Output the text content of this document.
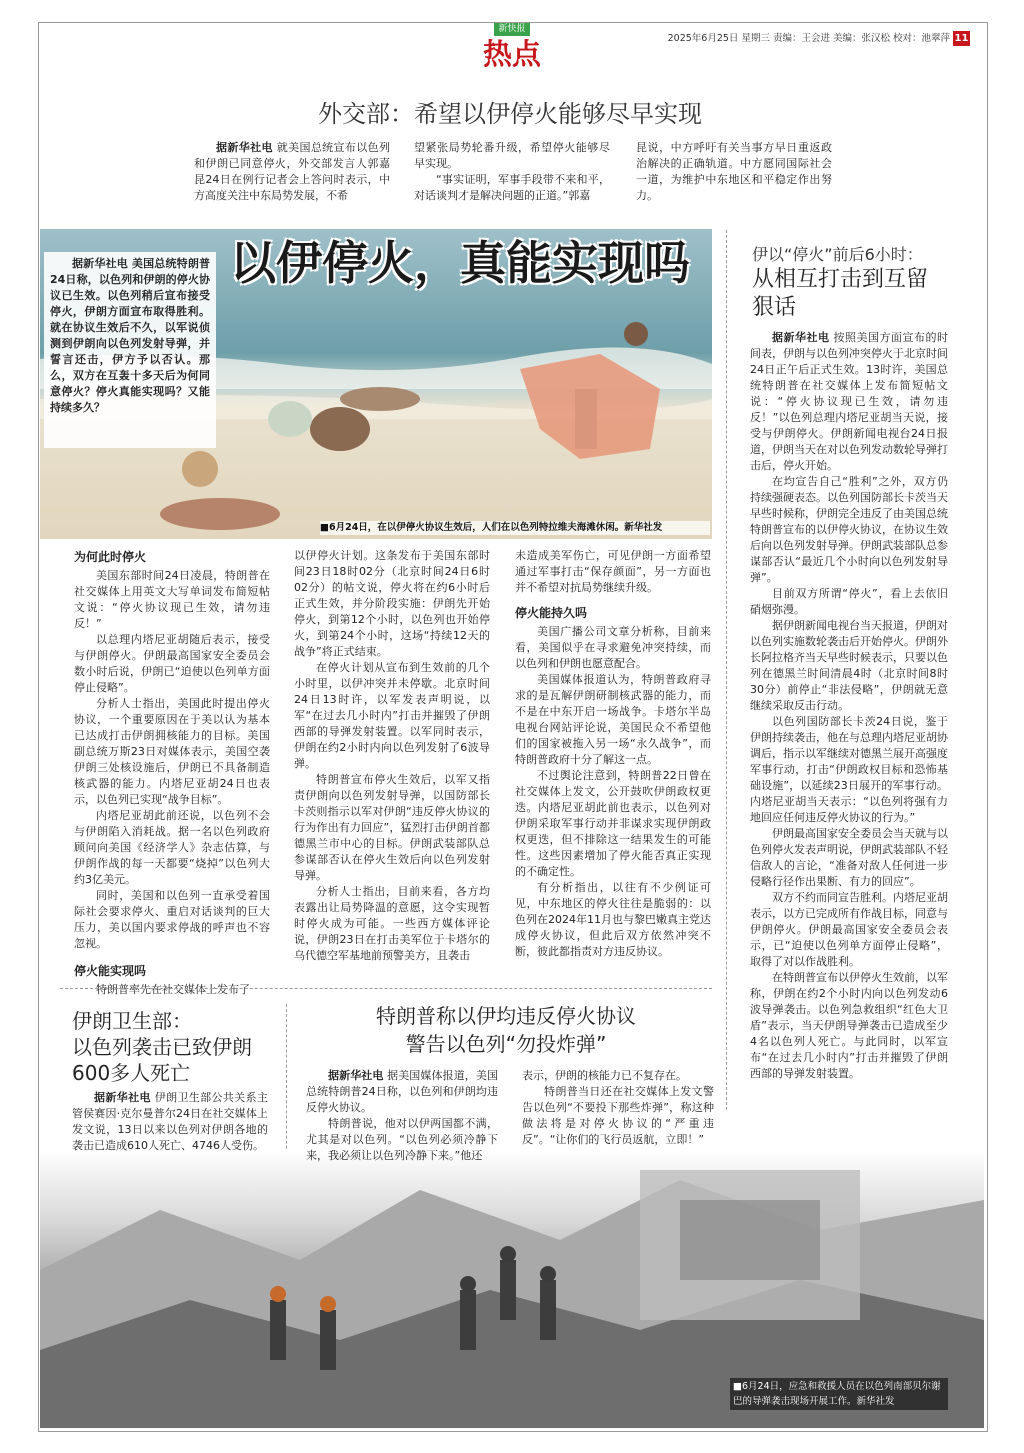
新快报
热点	2025年6月25日 星期三 责编：王会进 美编：张汉松 校对：池翠萍 11
外交部：希望以伊停火能够尽早实现

据新华社电 就美国总统宣布以色列和伊朗已同意停火，外交部发言人郭嘉昆24日在例行记者会上答问时表示，中方高度关注中东局势发展，不希

望紧张局势轮番升级，希望停火能够尽早实现。

“事实证明，军事手段带不来和平，对话谈判才是解决问题的正道。”郭嘉

昆说，中方呼吁有关当事方早日重返政治解决的正确轨道。中方愿同国际社会一道，为维护中东地区和平稳定作出努力。

以伊停火，真能实现吗

据新华社电 美国总统特朗普24日称，以色列和伊朗的停火协议已生效。以色列稍后宣布接受停火，伊朗方面宣布取得胜利。就在协议生效后不久，以军说侦测到伊朗向以色列发射导弹，并誓言还击，伊方予以否认。那么，双方在互轰十多天后为何同意停火？停火真能实现吗？又能持续多久？

■6月24日，在以伊停火协议生效后，人们在以色列特拉维夫海滩休闲。新华社发
为何此时停火

美国东部时间24日凌晨，特朗普在社交媒体上用英文大写单词发布简短帖文说：“停火协议现已生效，请勿违反！”

以总理内塔尼亚胡随后表示，接受与伊朗停火。伊朗最高国家安全委员会数小时后说，伊朗已“迫使以色列单方面停止侵略”。

分析人士指出，美国此时提出停火协议，一个重要原因在于美以认为基本已达成打击伊朗拥核能力的目标。美国副总统万斯23日对媒体表示，美国空袭伊朗三处核设施后，伊朗已不具备制造核武器的能力。内塔尼亚胡24日也表示，以色列已实现“战争目标”。

内塔尼亚胡此前还说，以色列不会与伊朗陷入消耗战。据一名以色列政府顾问向美国《经济学人》杂志估算，与伊朗作战的每一天都要“烧掉”以色列大约3亿美元。

同时，美国和以色列一直承受着国际社会要求停火、重启对话谈判的巨大压力，美以国内要求停战的呼声也不容忽视。

停火能实现吗

特朗普率先在社交媒体上发布了

以伊停火计划。这条发布于美国东部时间23日18时02分（北京时间24日6时02分）的帖文说，停火将在约6小时后正式生效，并分阶段实施：伊朗先开始停火，到第12个小时，以色列也开始停火，到第24个小时，这场“持续12天的战争”将正式结束。

在停火计划从宣布到生效前的几个小时里，以伊冲突并未停歇。北京时间24日13时许，以军发表声明说，以军“在过去几小时内”打击并摧毁了伊朗西部的导弹发射装置。以军同时表示，伊朗在约2小时内向以色列发射了6波导弹。

特朗普宣布停火生效后，以军又指责伊朗向以色列发射导弹，以国防部长卡茨则指示以军对伊朗“违反停火协议的行为作出有力回应”，猛烈打击伊朗首都德黑兰市中心的目标。伊朗武装部队总参谋部否认在停火生效后向以色列发射导弹。

分析人士指出，目前来看，各方均表露出让局势降温的意愿，这令实现暂时停火成为可能。一些西方媒体评论说，伊朗23日在打击美军位于卡塔尔的乌代德空军基地前预警美方，且袭击

未造成美军伤亡，可见伊朗一方面希望通过军事打击“保存颜面”，另一方面也并不希望对抗局势继续升级。

停火能持久吗

美国广播公司文章分析称，目前来看，美国似乎在寻求避免冲突持续，而以色列和伊朗也愿意配合。

美国媒体报道认为，特朗普政府寻求的是瓦解伊朗研制核武器的能力，而不是在中东开启一场战争。卡塔尔半岛电视台网站评论说，美国民众不希望他们的国家被拖入另一场“永久战争”，而特朗普政府十分了解这一点。

不过舆论注意到，特朗普22日曾在社交媒体上发文，公开鼓吹伊朗政权更迭。内塔尼亚胡此前也表示，以色列对伊朗采取军事行动并非谋求实现伊朗政权更迭，但不排除这一结果发生的可能性。这些因素增加了停火能否真正实现的不确定性。

有分析指出，以往有不少例证可见，中东地区的停火往往是脆弱的：以色列在2024年11月也与黎巴嫩真主党达成停火协议，但此后双方依然冲突不断，彼此都指责对方违反协议。

伊以“停火”前后6小时：
从相互打击到互留狠话

据新华社电 按照美国方面宣布的时间表，伊朗与以色列冲突停火于北京时间24日正午后正式生效。13时许，美国总统特朗普在社交媒体上发布简短帖文说：“停火协议现已生效，请勿违反！”以色列总理内塔尼亚胡当天说，接受与伊朗停火。伊朗新闻电视台24日报道，伊朗当天在对以色列发动数轮导弹打击后，停火开始。

在均宣告自己“胜利”之外，双方仍持续强硬表态。以色列国防部长卡茨当天早些时候称，伊朗完全违反了由美国总统特朗普宣布的以伊停火协议，在协议生效后向以色列发射导弹。伊朗武装部队总参谋部否认“最近几个小时向以色列发射导弹”。

目前双方所谓“停火”，看上去依旧硝烟弥漫。

据伊朗新闻电视台当天报道，伊朗对以色列实施数轮袭击后开始停火。伊朗外长阿拉格齐当天早些时候表示，只要以色列在德黑兰时间清晨4时（北京时间8时30分）前停止“非法侵略”，伊朗就无意继续采取反击行动。

以色列国防部长卡茨24日说，鉴于伊朗持续袭击，他在与总理内塔尼亚胡协调后，指示以军继续对德黑兰展开高强度军事行动，打击“伊朗政权目标和恐怖基础设施”，以延续23日展开的军事行动。内塔尼亚胡当天表示：“以色列将强有力地回应任何违反停火协议的行为。”

伊朗最高国家安全委员会当天就与以色列停火发表声明说，伊朗武装部队不轻信敌人的言论，“准备对敌人任何进一步侵略行径作出果断、有力的回应”。

双方不约而同宣告胜利。内塔尼亚胡表示，以方已完成所有作战目标，同意与伊朗停火。伊朗最高国家安全委员会表示，已“迫使以色列单方面停止侵略”，取得了对以作战胜利。

在特朗普宣布以伊停火生效前，以军称，伊朗在约2个小时内向以色列发动6波导弹袭击。以色列急救组织“红色大卫盾”表示，当天伊朗导弹袭击已造成至少4名以色列人死亡。与此同时，以军宣布“在过去几小时内”打击并摧毁了伊朗西部的导弹发射装置。

伊朗卫生部：
以色列袭击已致伊朗
600多人死亡

据新华社电 伊朗卫生部公共关系主管侯赛因·克尔曼普尔24日在社交媒体上发文说，13日以来以色列对伊朗各地的袭击已造成610人死亡、4746人受伤。

特朗普称以伊均违反停火协议
警告以色列“勿投炸弹”

据新华社电 据美国媒体报道，美国总统特朗普24日称，以色列和伊朗均违反停火协议。

特朗普说，他对以伊两国都不满，尤其是对以色列。“以色列必须冷静下来，我必须让以色列冷静下来。”他还

表示，伊朗的核能力已不复存在。

特朗普当日还在社交媒体上发文警告以色列“不要投下那些炸弹”，称这种做法将是对停火协议的“严重违反”。“让你们的飞行员返航，立即！”

■6月24日，应急和救援人员在以色列南部贝尔谢巴的导弹袭击现场开展工作。新华社发
